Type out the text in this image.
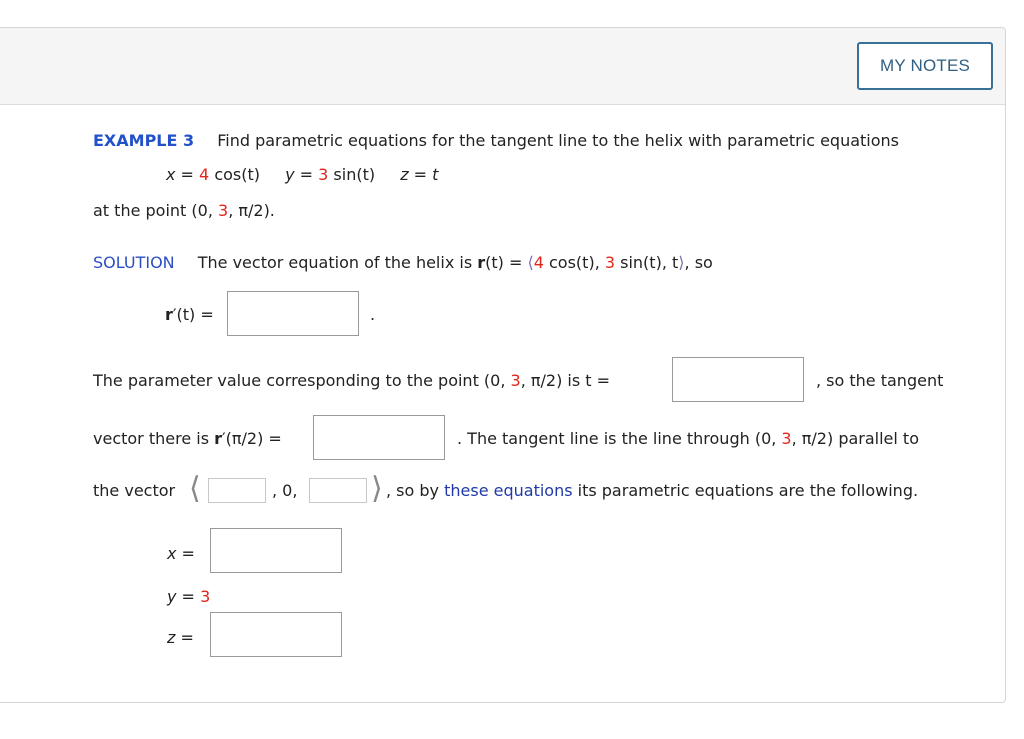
MY NOTES
EXAMPLE 3 Find parametric equations for the tangent line to the helix with parametric equations
x = 4 cos(t) y = 3 sin(t) z = t
at the point (0, 3, π/2).
SOLUTION The vector equation of the helix is r(t) = ⟨4 cos(t), 3 sin(t), t⟩, so
r′(t) =	.
The parameter value corresponding to the point (0, 3, π/2) is t =	, so the tangent
vector there is r′(π/2) =	. The tangent line is the line through (0, 3, π/2) parallel to
the vector ⟨	, 0, ⟩ , so by these equations its parametric equations are the following.
x =
y = 3
z =
